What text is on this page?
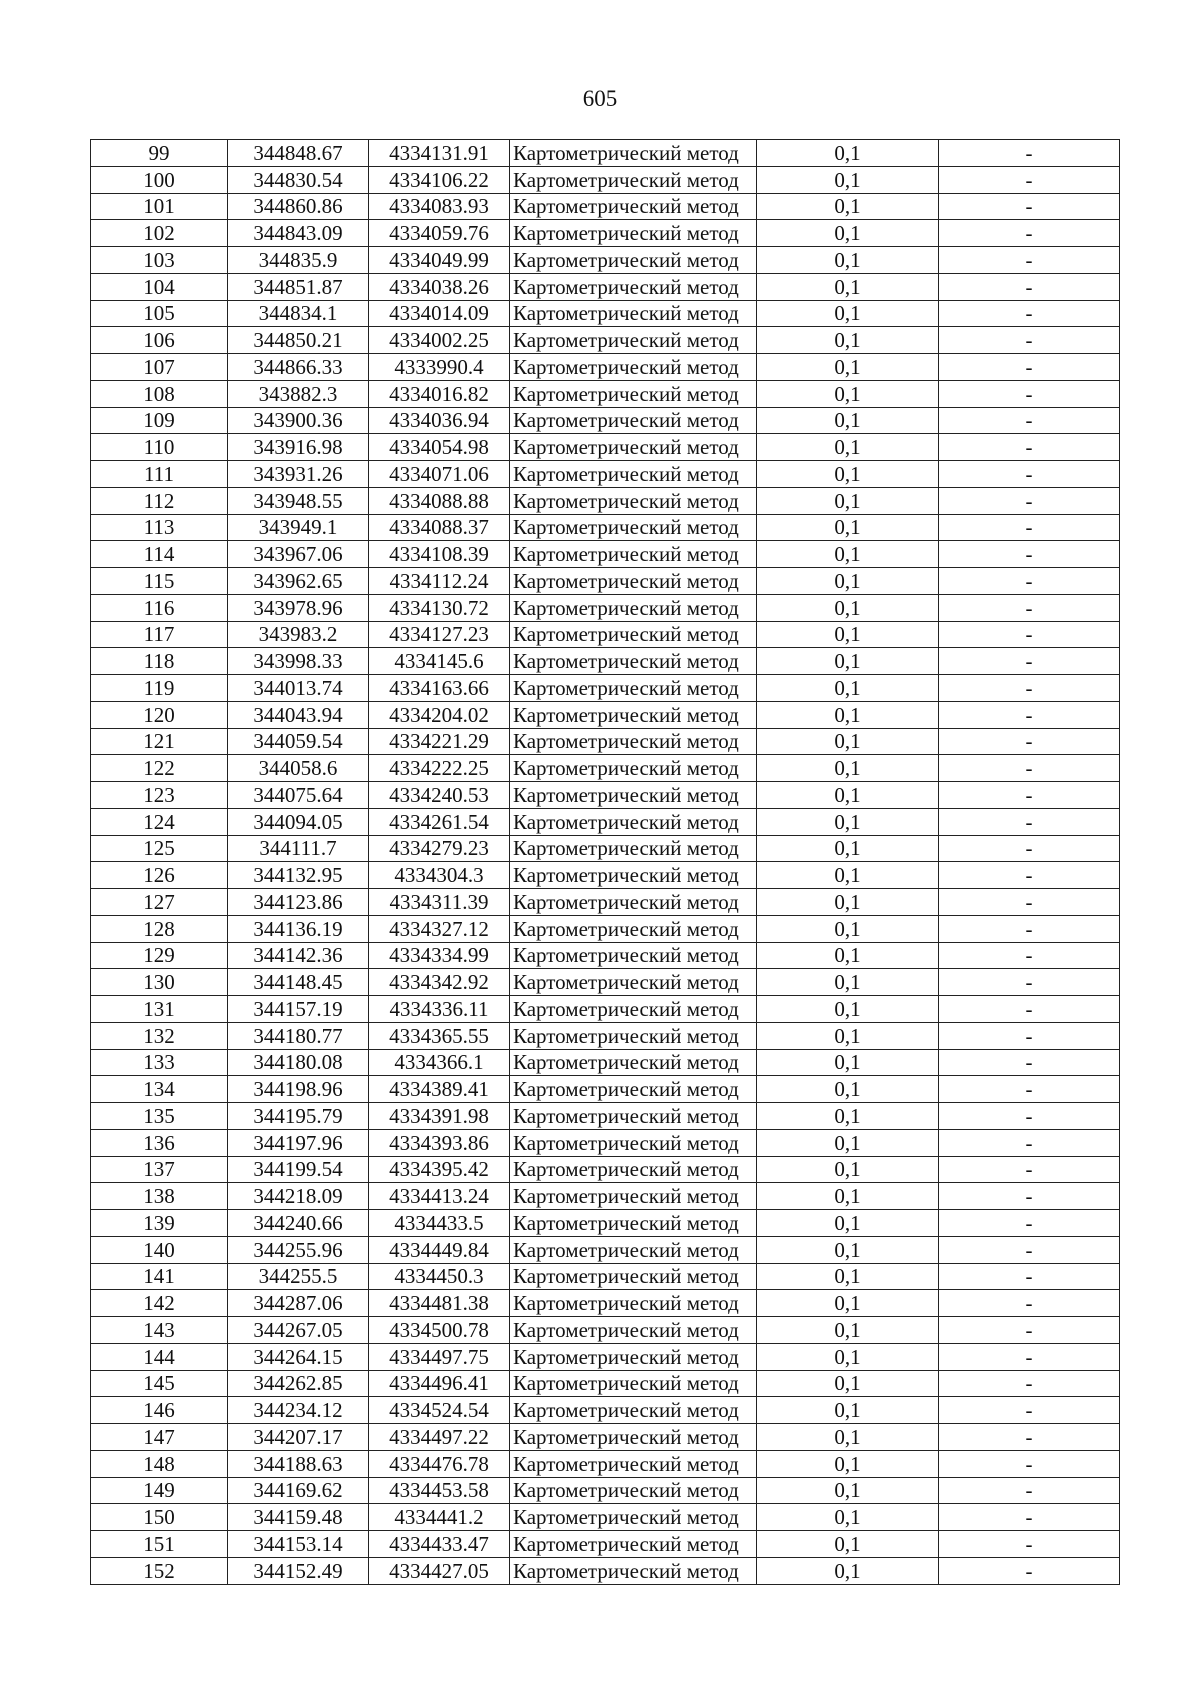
605
99	344848.67	4334131.91	Картометрический метод	0,1	-
100	344830.54	4334106.22	Картометрический метод	0,1	-
101	344860.86	4334083.93	Картометрический метод	0,1	-
102	344843.09	4334059.76	Картометрический метод	0,1	-
103	344835.9	4334049.99	Картометрический метод	0,1	-
104	344851.87	4334038.26	Картометрический метод	0,1	-
105	344834.1	4334014.09	Картометрический метод	0,1	-
106	344850.21	4334002.25	Картометрический метод	0,1	-
107	344866.33	4333990.4	Картометрический метод	0,1	-
108	343882.3	4334016.82	Картометрический метод	0,1	-
109	343900.36	4334036.94	Картометрический метод	0,1	-
110	343916.98	4334054.98	Картометрический метод	0,1	-
111	343931.26	4334071.06	Картометрический метод	0,1	-
112	343948.55	4334088.88	Картометрический метод	0,1	-
113	343949.1	4334088.37	Картометрический метод	0,1	-
114	343967.06	4334108.39	Картометрический метод	0,1	-
115	343962.65	4334112.24	Картометрический метод	0,1	-
116	343978.96	4334130.72	Картометрический метод	0,1	-
117	343983.2	4334127.23	Картометрический метод	0,1	-
118	343998.33	4334145.6	Картометрический метод	0,1	-
119	344013.74	4334163.66	Картометрический метод	0,1	-
120	344043.94	4334204.02	Картометрический метод	0,1	-
121	344059.54	4334221.29	Картометрический метод	0,1	-
122	344058.6	4334222.25	Картометрический метод	0,1	-
123	344075.64	4334240.53	Картометрический метод	0,1	-
124	344094.05	4334261.54	Картометрический метод	0,1	-
125	344111.7	4334279.23	Картометрический метод	0,1	-
126	344132.95	4334304.3	Картометрический метод	0,1	-
127	344123.86	4334311.39	Картометрический метод	0,1	-
128	344136.19	4334327.12	Картометрический метод	0,1	-
129	344142.36	4334334.99	Картометрический метод	0,1	-
130	344148.45	4334342.92	Картометрический метод	0,1	-
131	344157.19	4334336.11	Картометрический метод	0,1	-
132	344180.77	4334365.55	Картометрический метод	0,1	-
133	344180.08	4334366.1	Картометрический метод	0,1	-
134	344198.96	4334389.41	Картометрический метод	0,1	-
135	344195.79	4334391.98	Картометрический метод	0,1	-
136	344197.96	4334393.86	Картометрический метод	0,1	-
137	344199.54	4334395.42	Картометрический метод	0,1	-
138	344218.09	4334413.24	Картометрический метод	0,1	-
139	344240.66	4334433.5	Картометрический метод	0,1	-
140	344255.96	4334449.84	Картометрический метод	0,1	-
141	344255.5	4334450.3	Картометрический метод	0,1	-
142	344287.06	4334481.38	Картометрический метод	0,1	-
143	344267.05	4334500.78	Картометрический метод	0,1	-
144	344264.15	4334497.75	Картометрический метод	0,1	-
145	344262.85	4334496.41	Картометрический метод	0,1	-
146	344234.12	4334524.54	Картометрический метод	0,1	-
147	344207.17	4334497.22	Картометрический метод	0,1	-
148	344188.63	4334476.78	Картометрический метод	0,1	-
149	344169.62	4334453.58	Картометрический метод	0,1	-
150	344159.48	4334441.2	Картометрический метод	0,1	-
151	344153.14	4334433.47	Картометрический метод	0,1	-
152	344152.49	4334427.05	Картометрический метод	0,1	-
